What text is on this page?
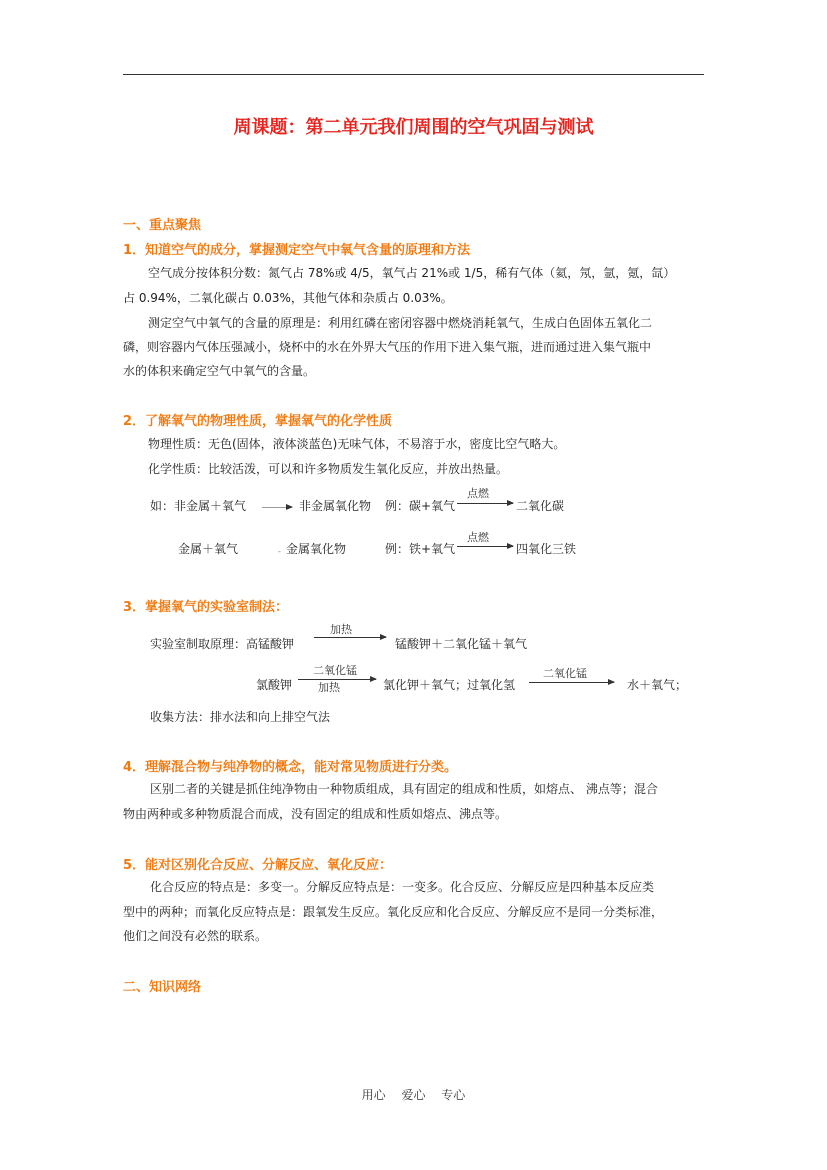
周课题：第二单元我们周围的空气巩固与测试
一、重点聚焦
1．知道空气的成分，掌握测定空气中氧气含量的原理和方法
空气成分按体积分数：氮气占 78%或 4/5，氧气占 21%或 1/5，稀有气体（氦，氖，氩，氪，氙）
占 0.94%，二氧化碳占 0.03%，其他气体和杂质占 0.03%。
测定空气中氧气的含量的原理是：利用红磷在密闭容器中燃烧消耗氧气，生成白色固体五氧化二
磷，则容器内气体压强减小，烧杯中的水在外界大气压的作用下进入集气瓶，进而通过进入集气瓶中
水的体积来确定空气中氧气的含量。
2．了解氧气的物理性质，掌握氧气的化学性质
物理性质：无色(固体，液体淡蓝色)无味气体，不易溶于水，密度比空气略大。
化学性质：比较活泼，可以和许多物质发生氧化反应，并放出热量。
如：非金属＋氧气	非金属氧化物 例：碳+氧气
点燃
二氧化碳
金属＋氧气	- 金属氧化物	例：铁+氧气
点燃
四氧化三铁
3．掌握氧气的实验室制法：
实验室制取原理：高锰酸钾
加热
锰酸钾＋二氧化锰＋氧气
氯酸钾
二氧化锰
加热	氯化钾＋氧气；过氧化氢
二氧化锰
水＋氧气；
收集方法：排水法和向上排空气法
4．理解混合物与纯净物的概念，能对常见物质进行分类。
区别二者的关键是抓住纯净物由一种物质组成，具有固定的组成和性质，如熔点、 沸点等；混合
物由两种或多种物质混合而成，没有固定的组成和性质如熔点、沸点等。
5．能对区别化合反应、分解反应、氧化反应：
化合反应的特点是：多变一。分解反应特点是：一变多。化合反应、分解反应是四种基本反应类
型中的两种；而氧化反应特点是：跟氧发生反应。氧化反应和化合反应、分解反应不是同一分类标准，
他们之间没有必然的联系。
二、知识网络
用心 爱心 专心
